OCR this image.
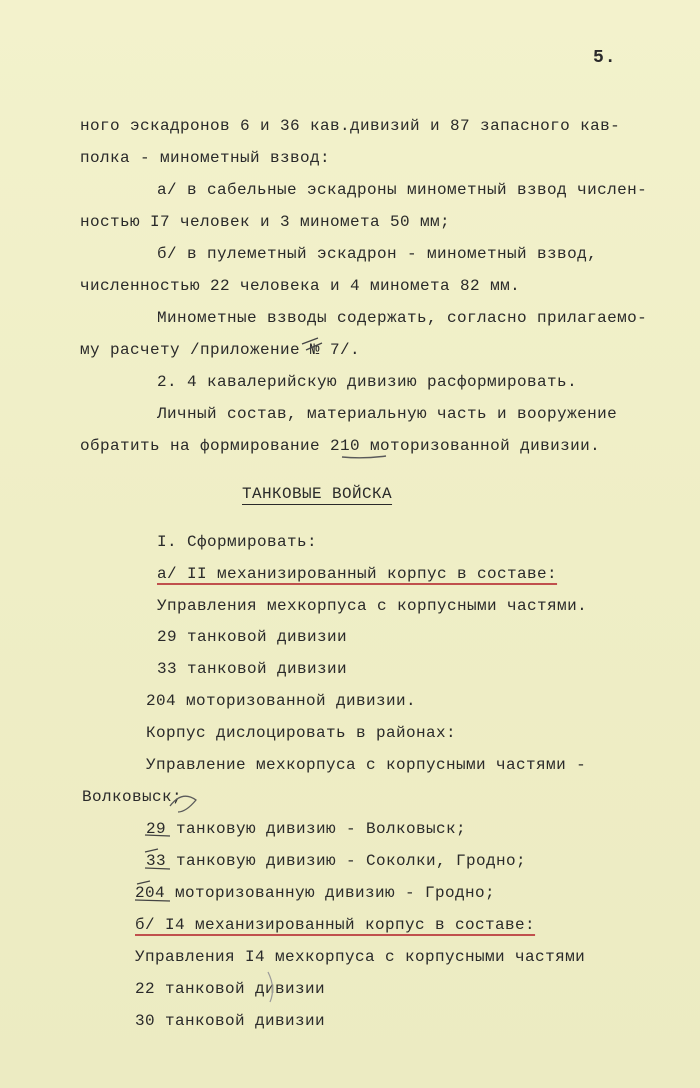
5.
ного эскадронов 6 и 36 кав.дивизий и 87 запасного кав-
полка - минометный взвод:
а/ в сабельные эскадроны минометный взвод числен-
ностью I7 человек и 3 миномета 50 мм;
б/ в пулеметный эскадрон - минометный взвод,
численностью 22 человека и 4 миномета 82 мм.
Минометные взводы содержать, согласно прилагаемо-
му расчету /приложение № 7/.
2. 4 кавалерийскую дивизию расформировать.
Личный состав, материальную часть и вооружение
обратить на формирование 210 моторизованной дивизии.
ТАНКОВЫЕ ВОЙСКА
I. Сформировать:
а/ II механизированный корпус в составе:
Управления мехкорпуса с корпусными частями.
29 танковой дивизии
33 танковой дивизии
204 моторизованной дивизии.
Корпус дислоцировать в районах:
Управление мехкорпуса с корпусными частями -
Волковыск;
29 танковую дивизию - Волковыск;
33 танковую дивизию - Соколки, Гродно;
204 моторизованную дивизию - Гродно;
б/ I4 механизированный корпус в составе:
Управления I4 мехкорпуса с корпусными частями
22 танковой дивизии
30 танковой дивизии
